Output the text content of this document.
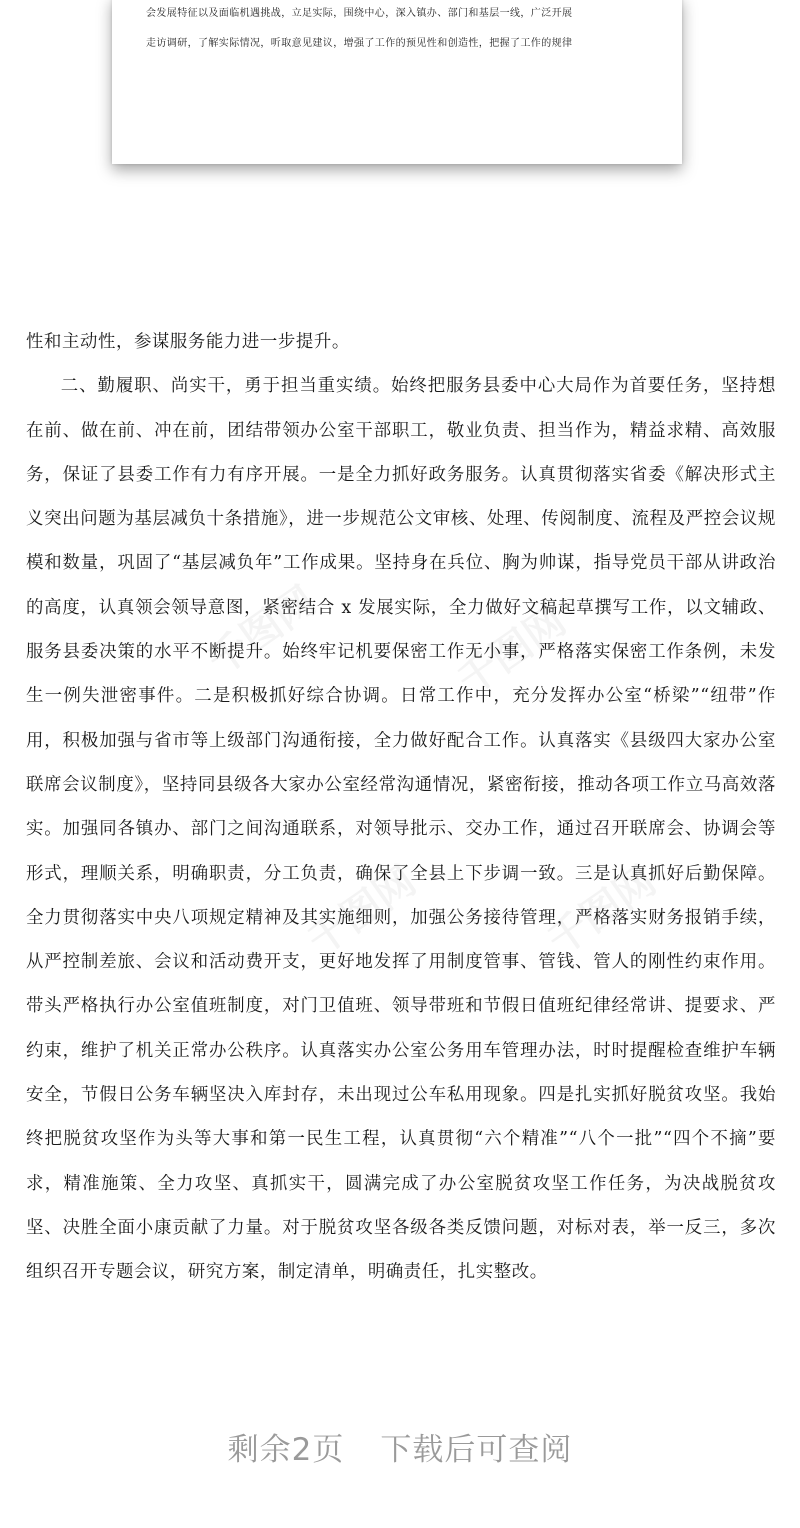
会发展特征以及面临机遇挑战，立足实际，围绕中心，深入镇办、部门和基层一线，广泛开展
走访调研，了解实际情况，听取意见建议，增强了工作的预见性和创造性，把握了工作的规律
千图网	千图网
千图网	千图网

性和主动性，参谋服务能力进一步提升。

二、勤履职、尚实干，勇于担当重实绩。始终把服务县委中心大局作为首要任务，坚持想在前、做在前、冲在前，团结带领办公室干部职工，敬业负责、担当作为，精益求精、高效服务，保证了县委工作有力有序开展。一是全力抓好政务服务。认真贯彻落实省委《解决形式主义突出问题为基层减负十条措施》，进一步规范公文审核、处理、传阅制度、流程及严控会议规模和数量，巩固了“基层减负年”工作成果。坚持身在兵位、胸为帅谋，指导党员干部从讲政治的高度，认真领会领导意图，紧密结合 x 发展实际，全力做好文稿起草撰写工作，以文辅政、服务县委决策的水平不断提升。始终牢记机要保密工作无小事，严格落实保密工作条例，未发生一例失泄密事件。二是积极抓好综合协调。日常工作中，充分发挥办公室“桥梁”“纽带”作用，积极加强与省市等上级部门沟通衔接，全力做好配合工作。认真落实《县级四大家办公室联席会议制度》，坚持同县级各大家办公室经常沟通情况，紧密衔接，推动各项工作立马高效落实。加强同各镇办、部门之间沟通联系，对领导批示、交办工作，通过召开联席会、协调会等形式，理顺关系，明确职责，分工负责，确保了全县上下步调一致。三是认真抓好后勤保障。全力贯彻落实中央八项规定精神及其实施细则，加强公务接待管理，严格落实财务报销手续，从严控制差旅、会议和活动费开支，更好地发挥了用制度管事、管钱、管人的刚性约束作用。带头严格执行办公室值班制度，对门卫值班、领导带班和节假日值班纪律经常讲、提要求、严约束，维护了机关正常办公秩序。认真落实办公室公务用车管理办法，时时提醒检查维护车辆安全，节假日公务车辆坚决入库封存，未出现过公车私用现象。四是扎实抓好脱贫攻坚。我始终把脱贫攻坚作为头等大事和第一民生工程，认真贯彻“六个精准”“八个一批”“四个不摘”要求，精准施策、全力攻坚、真抓实干，圆满完成了办公室脱贫攻坚工作任务，为决战脱贫攻坚、决胜全面小康贡献了力量。对于脱贫攻坚各级各类反馈问题，对标对表，举一反三，多次组织召开专题会议，研究方案，制定清单，明确责任，扎实整改。

剩余2页 下载后可查阅
